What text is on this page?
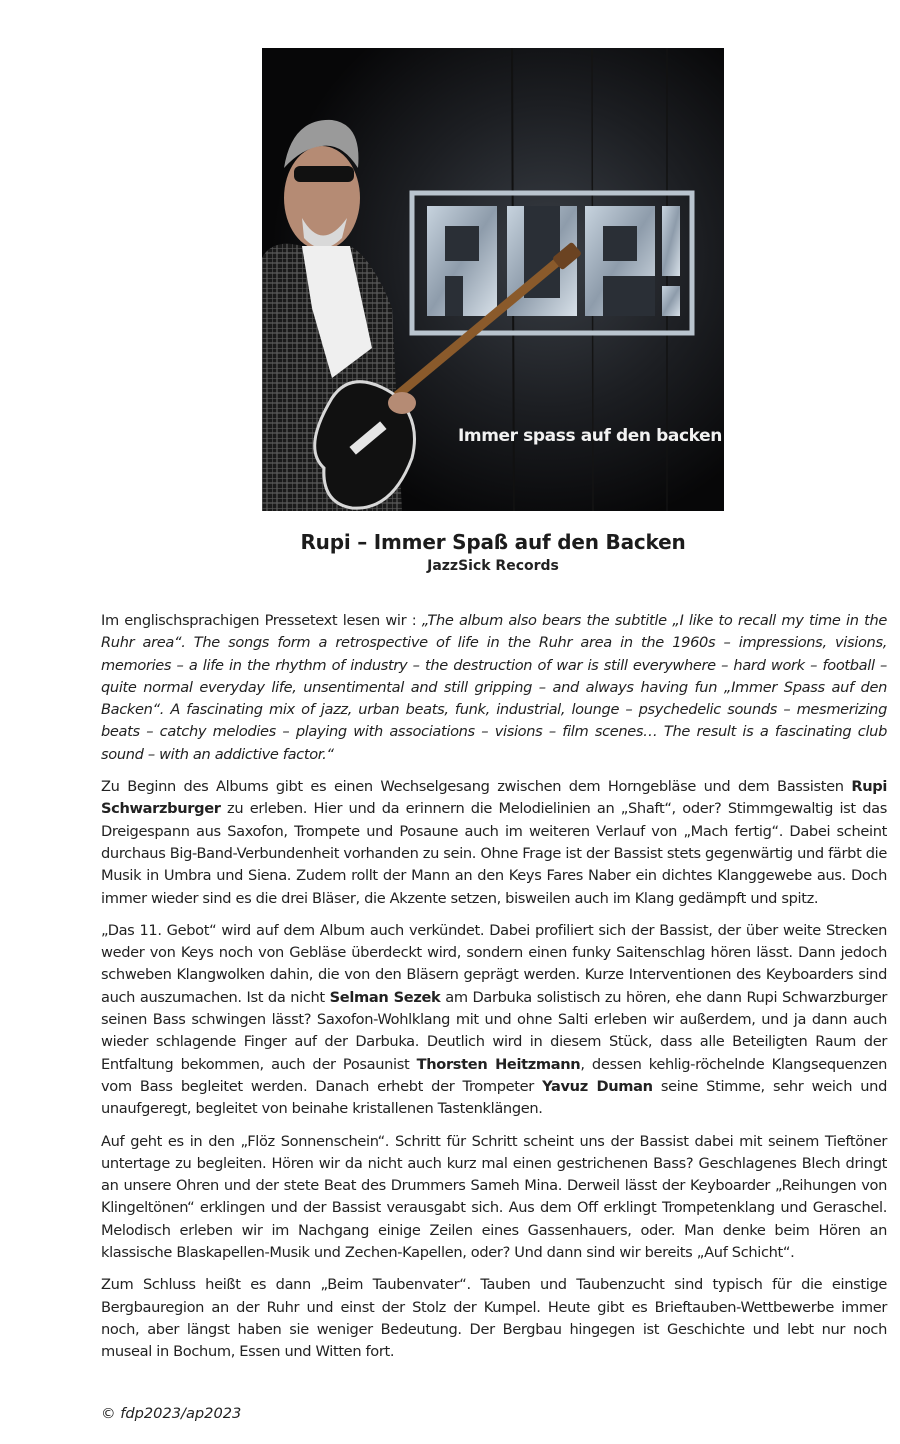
Immer spass auf den backen
Rupi – Immer Spaß auf den Backen
JazzSick Records

Im englischsprachigen Pressetext lesen wir : „The album also bears the subtitle „I like to recall my time in the Ruhr area“. The songs form a retrospective of life in the Ruhr area in the 1960s – impressions, visions, memories – a life in the rhythm of industry – the destruction of war is still everywhere – hard work – football – quite normal everyday life, unsentimental and still gripping – and always having fun „Immer Spass auf den Backen“. A fascinating mix of jazz, urban beats, funk, industrial, lounge – psychedelic sounds – mesmerizing beats – catchy melodies – playing with associations – visions – film scenes… The result is a fascinating club sound – with an addictive factor.“

Zu Beginn des Albums gibt es einen Wechselgesang zwischen dem Horngebläse und dem Bassisten Rupi Schwarzburger zu erleben. Hier und da erinnern die Melodielinien an „Shaft“, oder? Stimmgewaltig ist das Dreigespann aus Saxofon, Trompete und Posaune auch im weiteren Verlauf von „Mach fertig“. Dabei scheint durchaus Big-Band-Verbundenheit vorhanden zu sein. Ohne Frage ist der Bassist stets gegenwärtig und färbt die Musik in Umbra und Siena. Zudem rollt der Mann an den Keys Fares Naber ein dichtes Klanggewebe aus. Doch immer wieder sind es die drei Bläser, die Akzente setzen, bisweilen auch im Klang gedämpft und spitz.

„Das 11. Gebot“ wird auf dem Album auch verkündet. Dabei profiliert sich der Bassist, der über weite Strecken weder von Keys noch von Gebläse überdeckt wird, sondern einen funky Saitenschlag hören lässt. Dann jedoch schweben Klangwolken dahin, die von den Bläsern geprägt werden. Kurze Interventionen des Keyboarders sind auch auszumachen. Ist da nicht Selman Sezek am Darbuka solistisch zu hören, ehe dann Rupi Schwarzburger seinen Bass schwingen lässt? Saxofon-Wohlklang mit und ohne Salti erleben wir außerdem, und ja dann auch wieder schlagende Finger auf der Darbuka. Deutlich wird in diesem Stück, dass alle Beteiligten Raum der Entfaltung bekommen, auch der Posaunist Thorsten Heitzmann, dessen kehlig-röchelnde Klangsequenzen vom Bass begleitet werden. Danach erhebt der Trompeter Yavuz Duman seine Stimme, sehr weich und unaufgeregt, begleitet von beinahe kristallenen Tastenklängen.

Auf geht es in den „Flöz Sonnenschein“. Schritt für Schritt scheint uns der Bassist dabei mit seinem Tieftöner untertage zu begleiten. Hören wir da nicht auch kurz mal einen gestrichenen Bass? Geschlagenes Blech dringt an unsere Ohren und der stete Beat des Drummers Sameh Mina. Derweil lässt der Keyboarder „Reihungen von Klingeltönen“ erklingen und der Bassist verausgabt sich. Aus dem Off erklingt Trompetenklang und Geraschel. Melodisch erleben wir im Nachgang einige Zeilen eines Gassenhauers, oder. Man denke beim Hören an klassische Blaskapellen-Musik und Zechen-Kapellen, oder? Und dann sind wir bereits „Auf Schicht“.

Zum Schluss heißt es dann „Beim Taubenvater“. Tauben und Taubenzucht sind typisch für die einstige Bergbauregion an der Ruhr und einst der Stolz der Kumpel. Heute gibt es Brieftauben-Wettbewerbe immer noch, aber längst haben sie weniger Bedeutung. Der Bergbau hingegen ist Geschichte und lebt nur noch museal in Bochum, Essen und Witten fort.

© fdp2023/ap2023
